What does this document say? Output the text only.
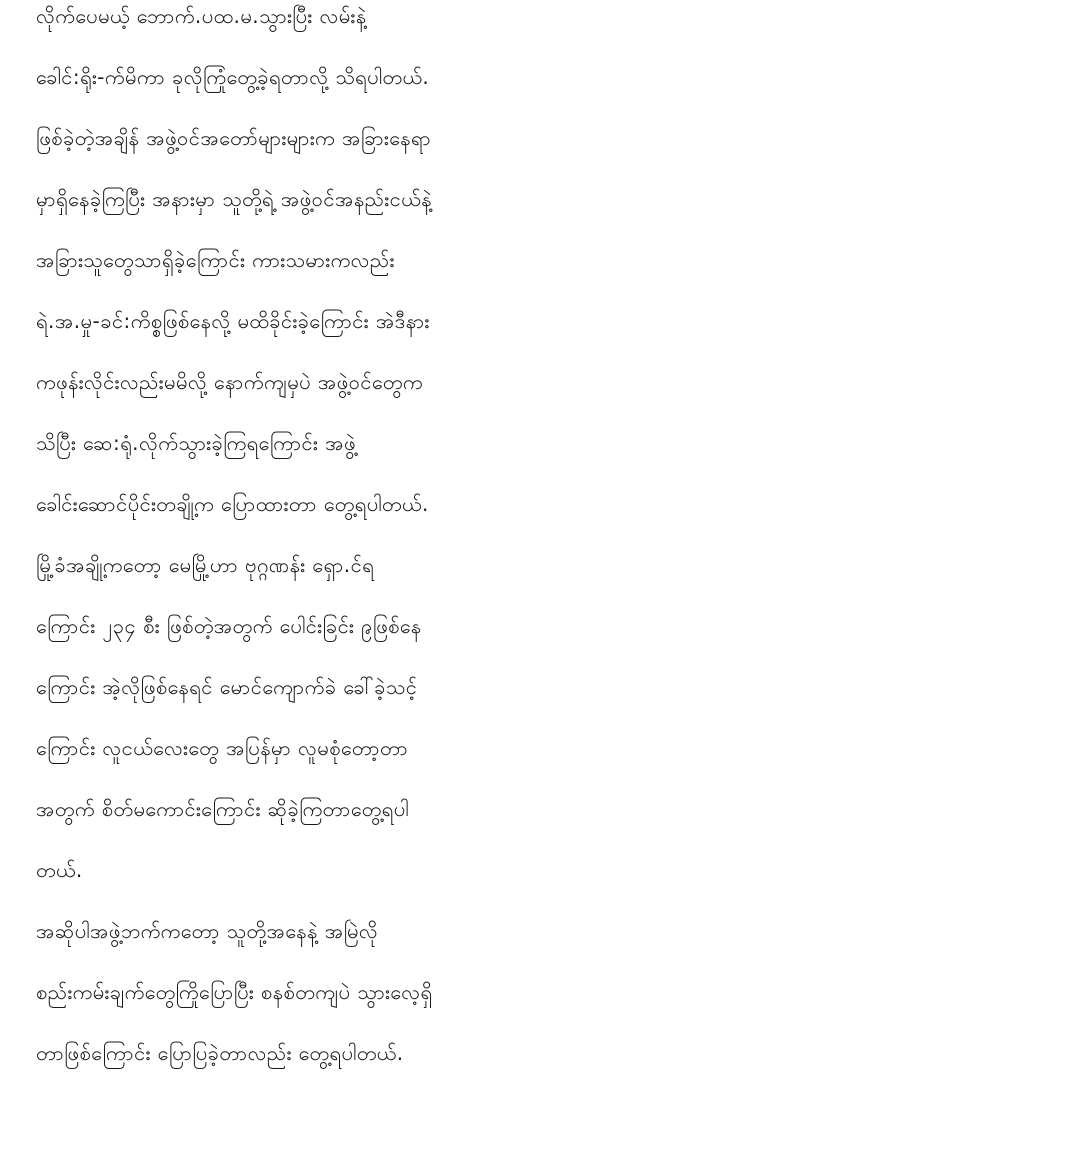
လိုက်ပေမယ့် ဘောက်.ပထ.မ.သွားပြီး လမ်းနဲ့
ခေါင်:ရိုး-က်မိကာ ခုလိုကြုံတွေ့ခဲ့ရတာလို့ သိရပါတယ်.
ဖြစ်ခဲ့တဲ့အချိန် အဖွဲ့ဝင်အတော်များများက အခြားနေရာ
မှာရှိနေခဲ့ကြပြီး အနားမှာ သူတို့ရဲ့ အဖွဲ့ဝင်အနည်းငယ်နဲ့
အခြားသူတွေသာရှိခဲ့ကြောင်း ကားသမားကလည်း
ရဲ.အ.မှု-ခင်:ကိစ္စဖြစ်နေလို့ မထိခိုင်းခဲ့ကြောင်း အဲဒီနား
ကဖုန်းလိုင်းလည်းမမိလို့ နောက်ကျမှပဲ အဖွဲ့ဝင်တွေက
သိပြီး ဆေ:ရုံ.လိုက်သွားခဲ့ကြရကြောင်း အဖွဲ့
ခေါင်းဆောင်ပိုင်းတချို့က ပြောထားတာ တွေ့ရပါတယ်.
မြို့ခံအချို့ကတော့ မေမြို့ဟာ ဗုဂ္ဂဏန်း ရှော.င်ရ
ကြောင်း ၂၃၄ စီး ဖြစ်တဲ့အတွက် ပေါင်းခြင်း ၉ဖြစ်နေ
ကြောင်း အဲ့လိုဖြစ်နေရင် မောင်ကျောက်ခဲ ခေါ်ခဲ့သင့်
ကြောင်း လူငယ်လေးတွေ အပြန်မှာ လူမစုံတော့တာ
အတွက် စိတ်မကောင်းကြောင်း ဆိုခဲ့ကြတာတွေ့ရပါ
တယ်.
အဆိုပါအဖွဲ့ဘက်ကတော့ သူတို့အနေနဲ့ အမြဲလို
စည်းကမ်းချက်တွေကြိုပြောပြီး စနစ်တကျပဲ သွားလေ့ရှိ
တာဖြစ်ကြောင်း ပြောပြခဲ့တာလည်း တွေ့ရပါတယ်.
